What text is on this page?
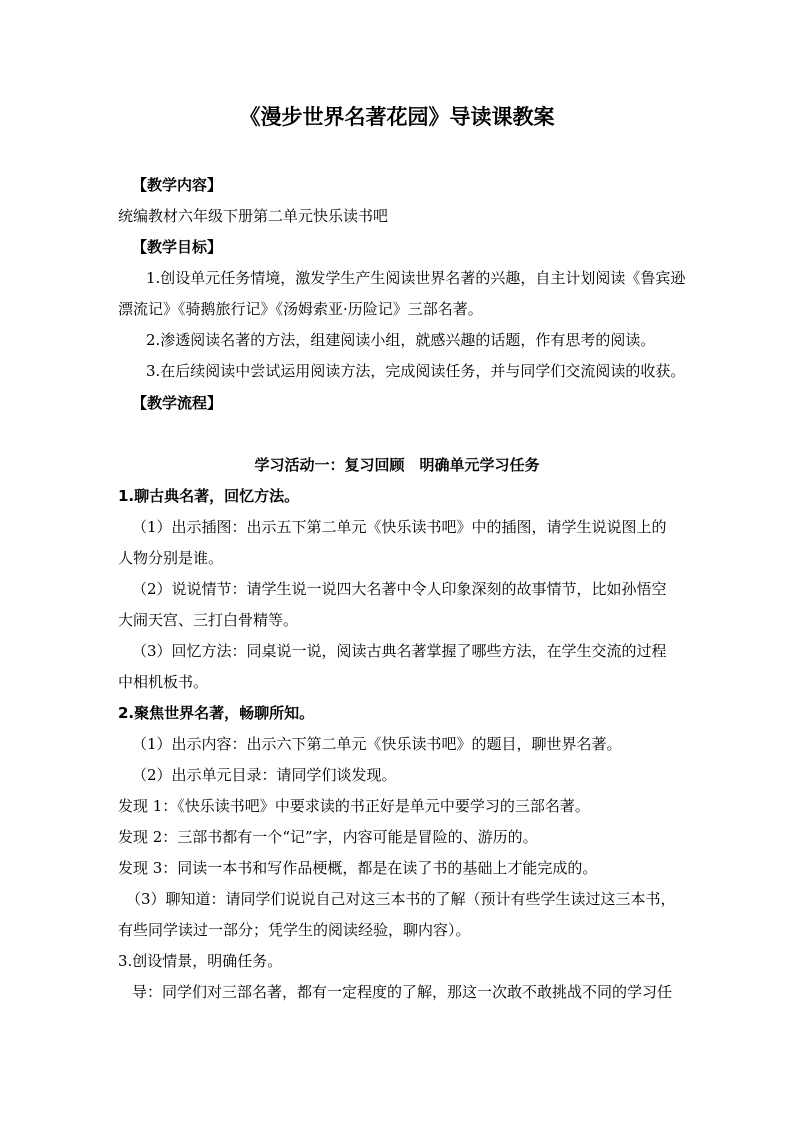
《漫步世界名著花园》导读课教案
【教学内容】
统编教材六年级下册第二单元快乐读书吧
【教学目标】
1.创设单元任务情境，激发学生产生阅读世界名著的兴趣，自主计划阅读《鲁宾逊
漂流记》《骑鹅旅行记》《汤姆索亚·历险记》三部名著。
2.渗透阅读名著的方法，组建阅读小组，就感兴趣的话题，作有思考的阅读。
3.在后续阅读中尝试运用阅读方法，完成阅读任务，并与同学们交流阅读的收获。
【教学流程】
学习活动一：复习回顾　明确单元学习任务
1.聊古典名著，回忆方法。
（1）出示插图：出示五下第二单元《快乐读书吧》中的插图，请学生说说图上的
人物分别是谁。
（2）说说情节：请学生说一说四大名著中令人印象深刻的故事情节，比如孙悟空
大闹天宫、三打白骨精等。
（3）回忆方法：同桌说一说，阅读古典名著掌握了哪些方法，在学生交流的过程
中相机板书。
2.聚焦世界名著，畅聊所知。
（1）出示内容：出示六下第二单元《快乐读书吧》的题目，聊世界名著。
（2）出示单元目录：请同学们谈发现。
发现 1：《快乐读书吧》中要求读的书正好是单元中要学习的三部名著。
发现 2：三部书都有一个“记”字，内容可能是冒险的、游历的。
发现 3：同读一本书和写作品梗概，都是在读了书的基础上才能完成的。
（3）聊知道：请同学们说说自己对这三本书的了解（预计有些学生读过这三本书，
有些同学读过一部分；凭学生的阅读经验，聊内容）。
3.创设情景，明确任务。
导：同学们对三部名著，都有一定程度的了解，那这一次敢不敢挑战不同的学习任
